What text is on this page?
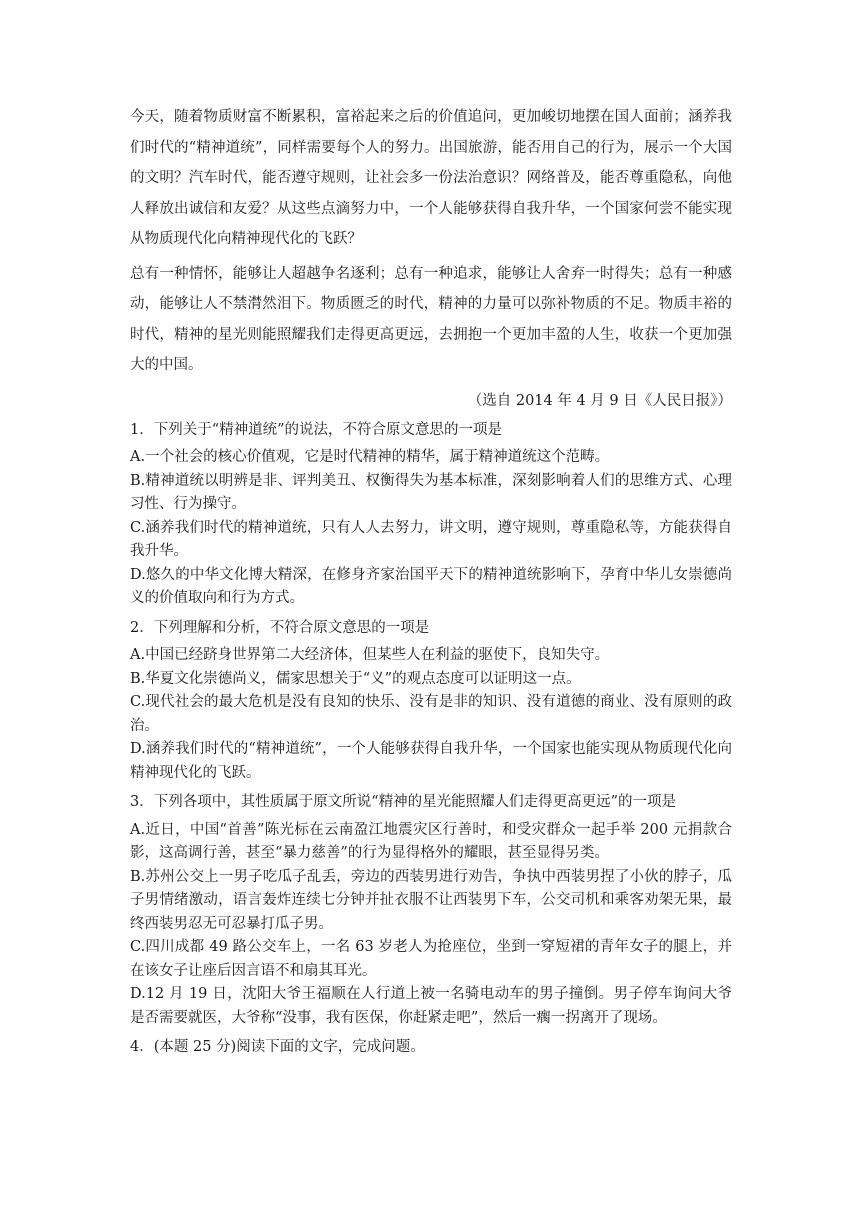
今天，随着物质财富不断累积，富裕起来之后的价值追问，更加峻切地摆在国人面前；涵养我们时代的“精神道统”，同样需要每个人的努力。出国旅游，能否用自己的行为，展示一个大国的文明？汽车时代，能否遵守规则，让社会多一份法治意识？网络普及，能否尊重隐私，向他人释放出诚信和友爱？从这些点滴努力中，一个人能够获得自我升华，一个国家何尝不能实现从物质现代化向精神现代化的飞跃？

总有一种情怀，能够让人超越争名逐利；总有一种追求，能够让人舍弃一时得失；总有一种感动，能够让人不禁潸然泪下。物质匮乏的时代，精神的力量可以弥补物质的不足。物质丰裕的时代，精神的星光则能照耀我们走得更高更远，去拥抱一个更加丰盈的人生，收获一个更加强大的中国。

（选自 2014 年 4 月 9 日《人民日报》）

1．下列关于“精神道统”的说法，不符合原文意思的一项是

A.一个社会的核心价值观，它是时代精神的精华，属于精神道统这个范畴。

B.精神道统以明辨是非、评判美丑、权衡得失为基本标准，深刻影响着人们的思维方式、心理习性、行为操守。

C.涵养我们时代的精神道统，只有人人去努力，讲文明，遵守规则，尊重隐私等，方能获得自我升华。

D.悠久的中华文化博大精深，在修身齐家治国平天下的精神道统影响下，孕育中华儿女崇德尚义的价值取向和行为方式。

2．下列理解和分析，不符合原文意思的一项是

A.中国已经跻身世界第二大经济体，但某些人在利益的驱使下，良知失守。

B.华夏文化崇德尚义，儒家思想关于“义”的观点态度可以证明这一点。

C.现代社会的最大危机是没有良知的快乐、没有是非的知识、没有道德的商业、没有原则的政治。

D.涵养我们时代的“精神道统”，一个人能够获得自我升华，一个国家也能实现从物质现代化向精神现代化的飞跃。

3．下列各项中，其性质属于原文所说“精神的星光能照耀人们走得更高更远”的一项是

A.近日，中国“首善”陈光标在云南盈江地震灾区行善时，和受灾群众一起手举 200 元捐款合影，这高调行善，甚至“暴力慈善”的行为显得格外的耀眼，甚至显得另类。

B.苏州公交上一男子吃瓜子乱丢，旁边的西装男进行劝告，争执中西装男捏了小伙的脖子，瓜子男情绪激动，语言轰炸连续七分钟并扯衣服不让西装男下车，公交司机和乘客劝架无果，最终西装男忍无可忍暴打瓜子男。

C.四川成都 49 路公交车上，一名 63 岁老人为抢座位，坐到一穿短裙的青年女子的腿上，并在该女子让座后因言语不和扇其耳光。

D.12 月 19 日，沈阳大爷王福顺在人行道上被一名骑电动车的男子撞倒。男子停车询问大爷是否需要就医，大爷称“没事，我有医保，你赶紧走吧”，然后一瘸一拐离开了现场。

4．(本题 25 分)阅读下面的文字，完成问题。
